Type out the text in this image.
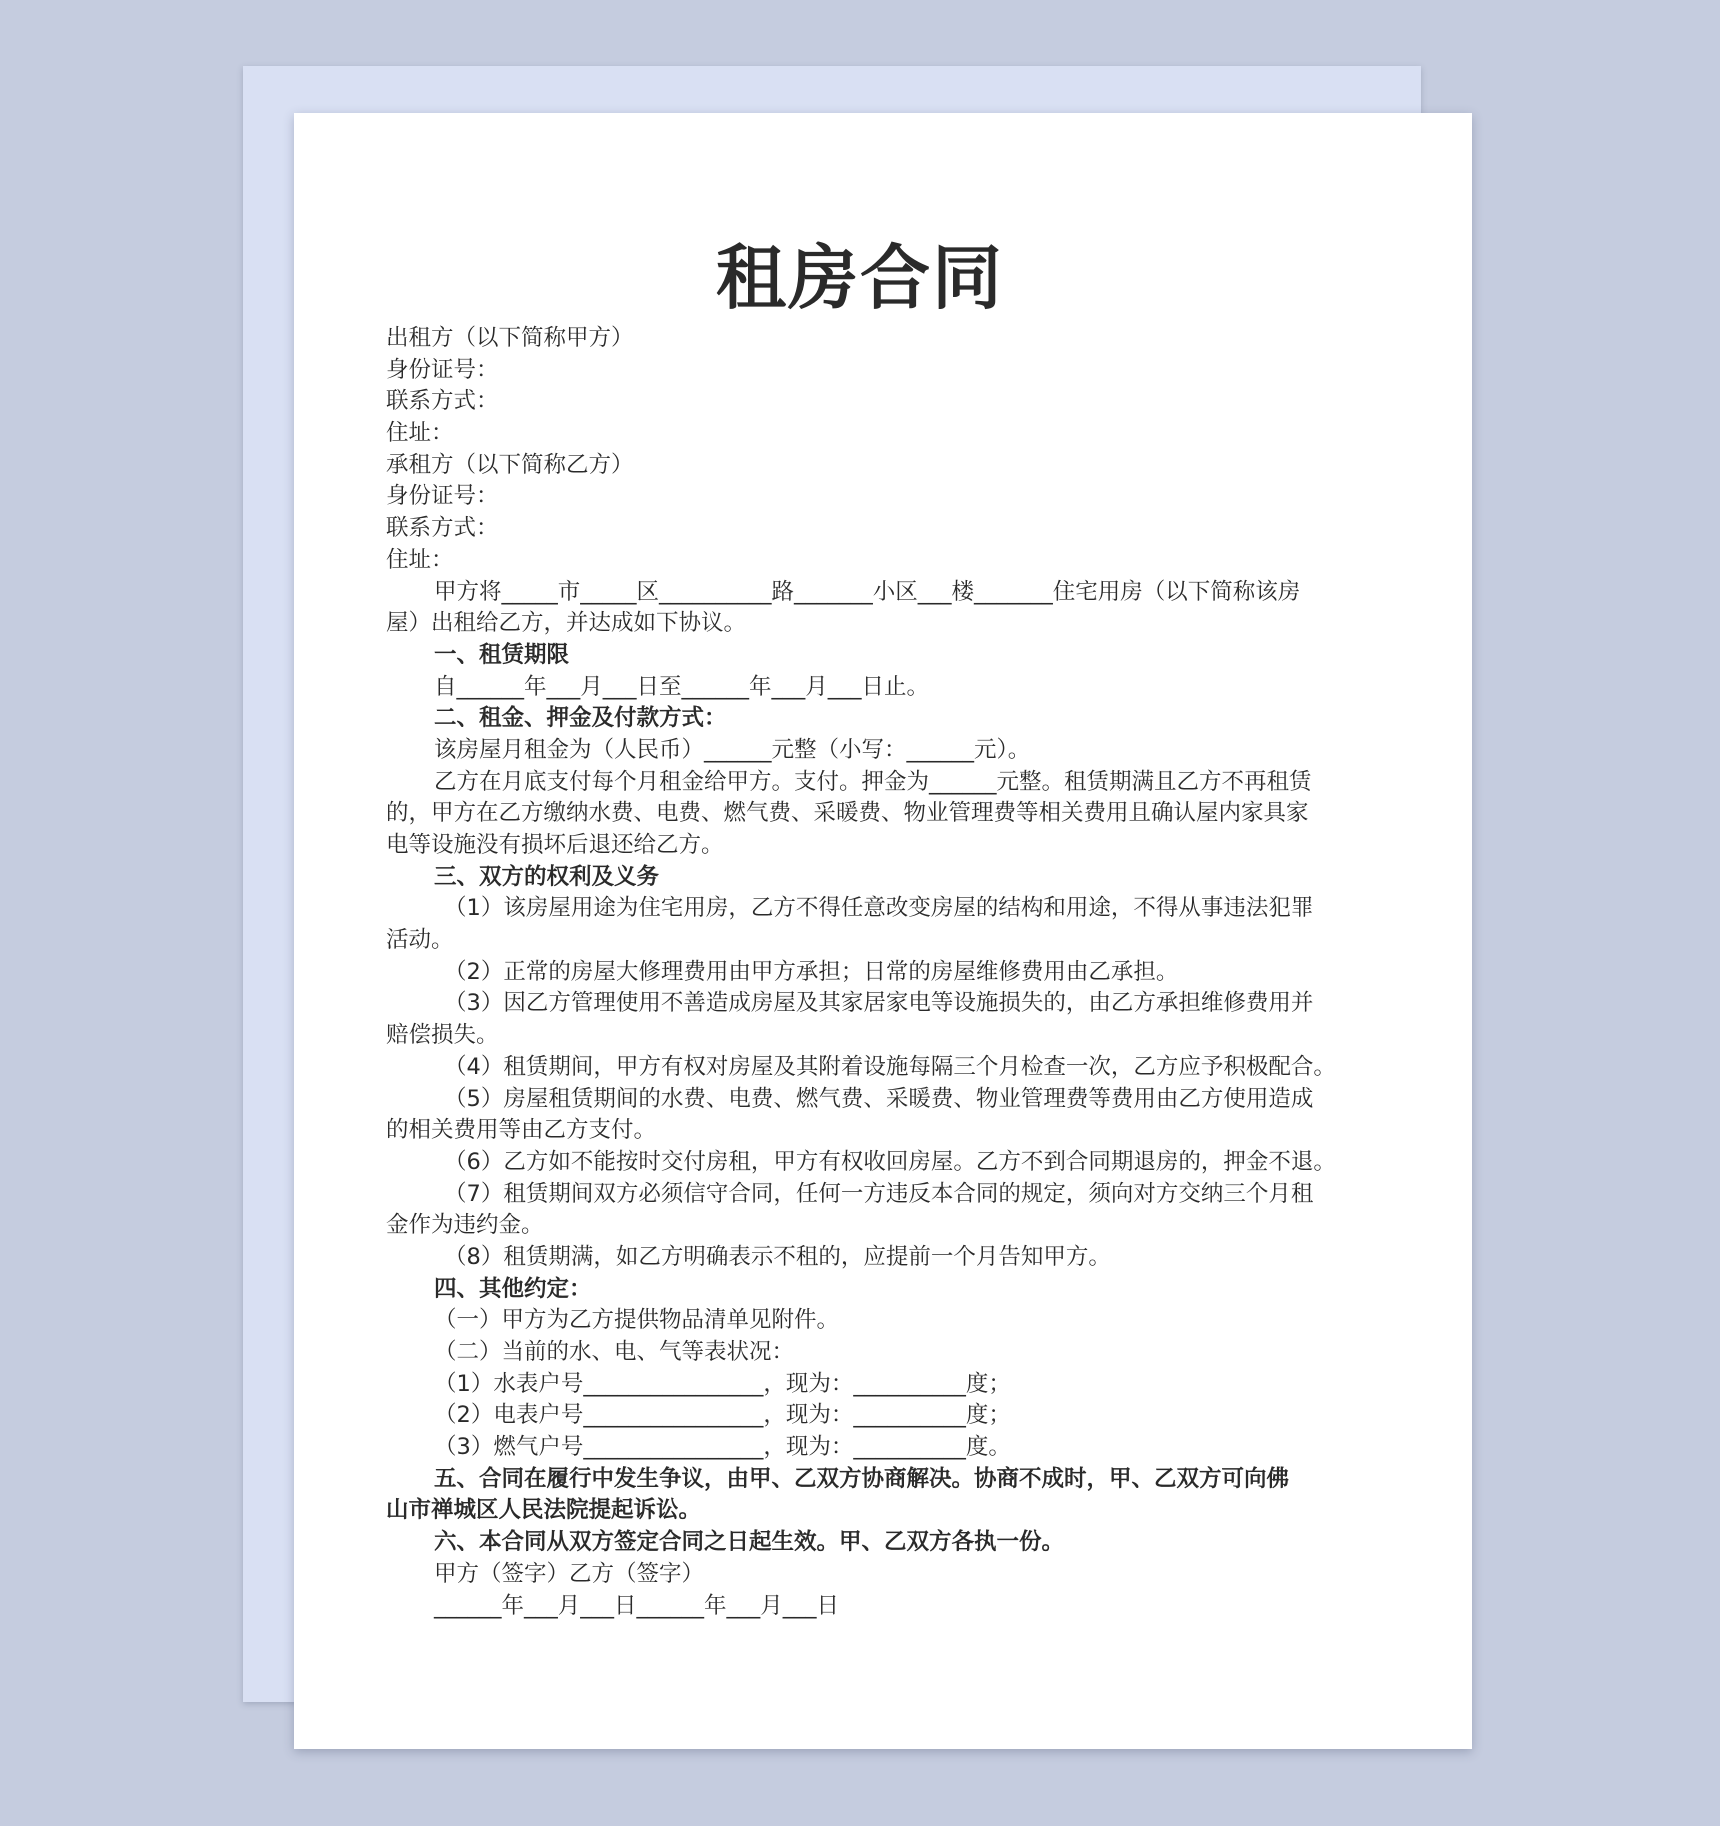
租房合同
出租方（以下简称甲方）
身份证号：
联系方式：
住址：
承租方（以下简称乙方）
身份证号：
联系方式：
住址：
甲方将_____市_____区__________路_______小区___楼_______住宅用房（以下简称该房
屋）出租给乙方，并达成如下协议。
一、租赁期限
自______年___月___日至______年___月___日止。
二、租金、押金及付款方式：
该房屋月租金为（人民币）______元整（小写：______元）。
乙方在月底支付每个月租金给甲方。支付。押金为______元整。租赁期满且乙方不再租赁
的，甲方在乙方缴纳水费、电费、燃气费、采暖费、物业管理费等相关费用且确认屋内家具家
电等设施没有损坏后退还给乙方。
三、双方的权利及义务
（1）该房屋用途为住宅用房，乙方不得任意改变房屋的结构和用途，不得从事违法犯罪
活动。
（2）正常的房屋大修理费用由甲方承担；日常的房屋维修费用由乙承担。
（3）因乙方管理使用不善造成房屋及其家居家电等设施损失的，由乙方承担维修费用并
赔偿损失。
（4）租赁期间，甲方有权对房屋及其附着设施每隔三个月检查一次，乙方应予积极配合。
（5）房屋租赁期间的水费、电费、燃气费、采暖费、物业管理费等费用由乙方使用造成
的相关费用等由乙方支付。
（6）乙方如不能按时交付房租，甲方有权收回房屋。乙方不到合同期退房的，押金不退。
（7）租赁期间双方必须信守合同，任何一方违反本合同的规定，须向对方交纳三个月租
金作为违约金。
（8）租赁期满，如乙方明确表示不租的，应提前一个月告知甲方。
四、其他约定：
（一）甲方为乙方提供物品清单见附件。
（二）当前的水、电、气等表状况：
（1）水表户号________________，现为：__________度；
（2）电表户号________________，现为：__________度；
（3）燃气户号________________，现为：__________度。
五、合同在履行中发生争议，由甲、乙双方协商解决。协商不成时，甲、乙双方可向佛
山市禅城区人民法院提起诉讼。
六、本合同从双方签定合同之日起生效。甲、乙双方各执一份。
甲方（签字）乙方（签字）
______年___月___日______年___月___日
